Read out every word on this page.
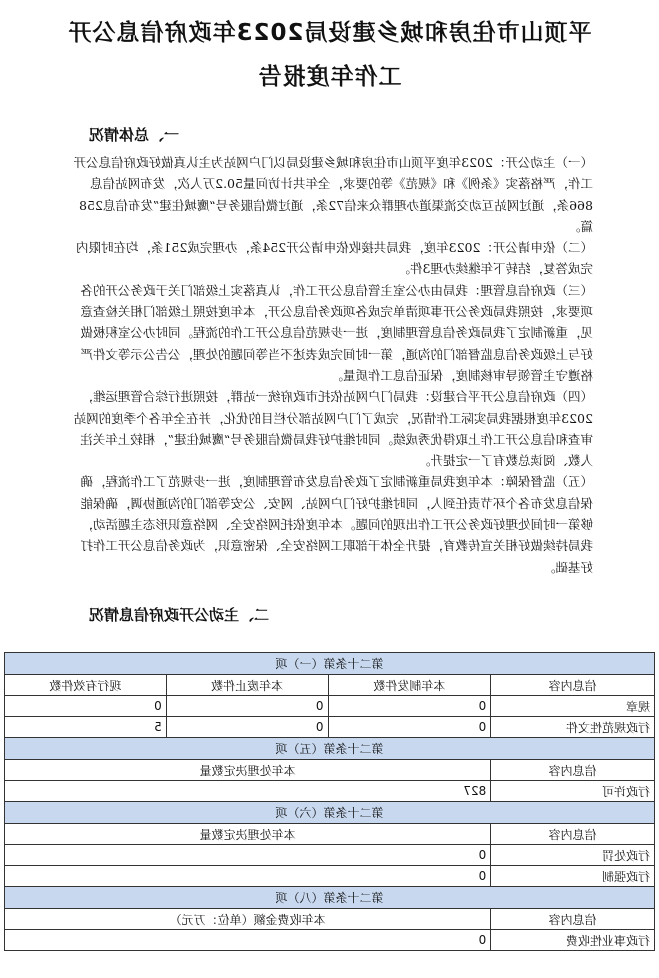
平顶山市住房和城乡建设局2023年政府信息公开
工作年度报告
一、总体情况

（一）主动公开：2023年度平顶山市住房和城乡建设局以门户网站为主认真做好政府信息公开工作，严格落实《条例》和《规范》等的要求，全年共计访问量50.2万人次，发布网站信息866条，通过网站互动交流渠道办理群众来信72条，通过微信服务号“鹰城住建”发布信息258篇。

（二）依申请公开：2023年度，我局共接收依申请公开254条，办理完成251条，均在时限内完成答复，结转下年继续办理3件。

（三）政府信息管理：我局由办公室主管信息公开工作，认真落实上级部门关于政务公开的各项要求，按照我局政务公开事项清单完成各项政务信息公开，本年度按照上级部门相关检查意见，重新制定了我局政务信息管理制度，进一步规范信息公开工作的流程。同时办公室积极做好与上级政务信息监督部门的沟通，第一时间完成表述不当等问题的处理，公告公示等文件严格遵守主管领导审核制度，保证信息工作质量。

（四）政府信息公开平台建设：我局门户网站依托市政府统一站群，按照进行综合管理运维，2023年度根据我局实际工作情况，完成了门户网站部分栏目的优化，并在全年各个季度的网站审查和信息公开工作上取得优秀成绩。同时维护好我局微信服务号“鹰城住建”，相较上年关注人数、阅读总数有了一定提升。

（五）监督保障：本年度我局重新制定了政务信息发布管理制度，进一步规范了工作流程，确保信息发布各个环节责任到人，同时维护好门户网站、网安、公安等部门的沟通协调，确保能够第一时间处理好政务公开工作出现的问题。本年度依托网络安全、网络意识形态主题活动，我局持续做好相关宣传教育，提升全体干部职工网络安全、保密意识，为政务信息公开工作打好基础。

二、主动公开政府信息情况
第二十条第（一）项			
信息内容	本年制发件数	本年废止件数	现行有效件数
规章	0	0	0
行政规范性文件	0	0	5
第二十条第（五）项			
信息内容	本年处理决定数量		
行政许可	827		
第二十条第（六）项			
信息内容	本年处理决定数量		
行政处罚	0		
行政强制	0		
第二十条第（八）项			
信息内容	本年收费金额（单位：万元）		
行政事业性收费	0		
